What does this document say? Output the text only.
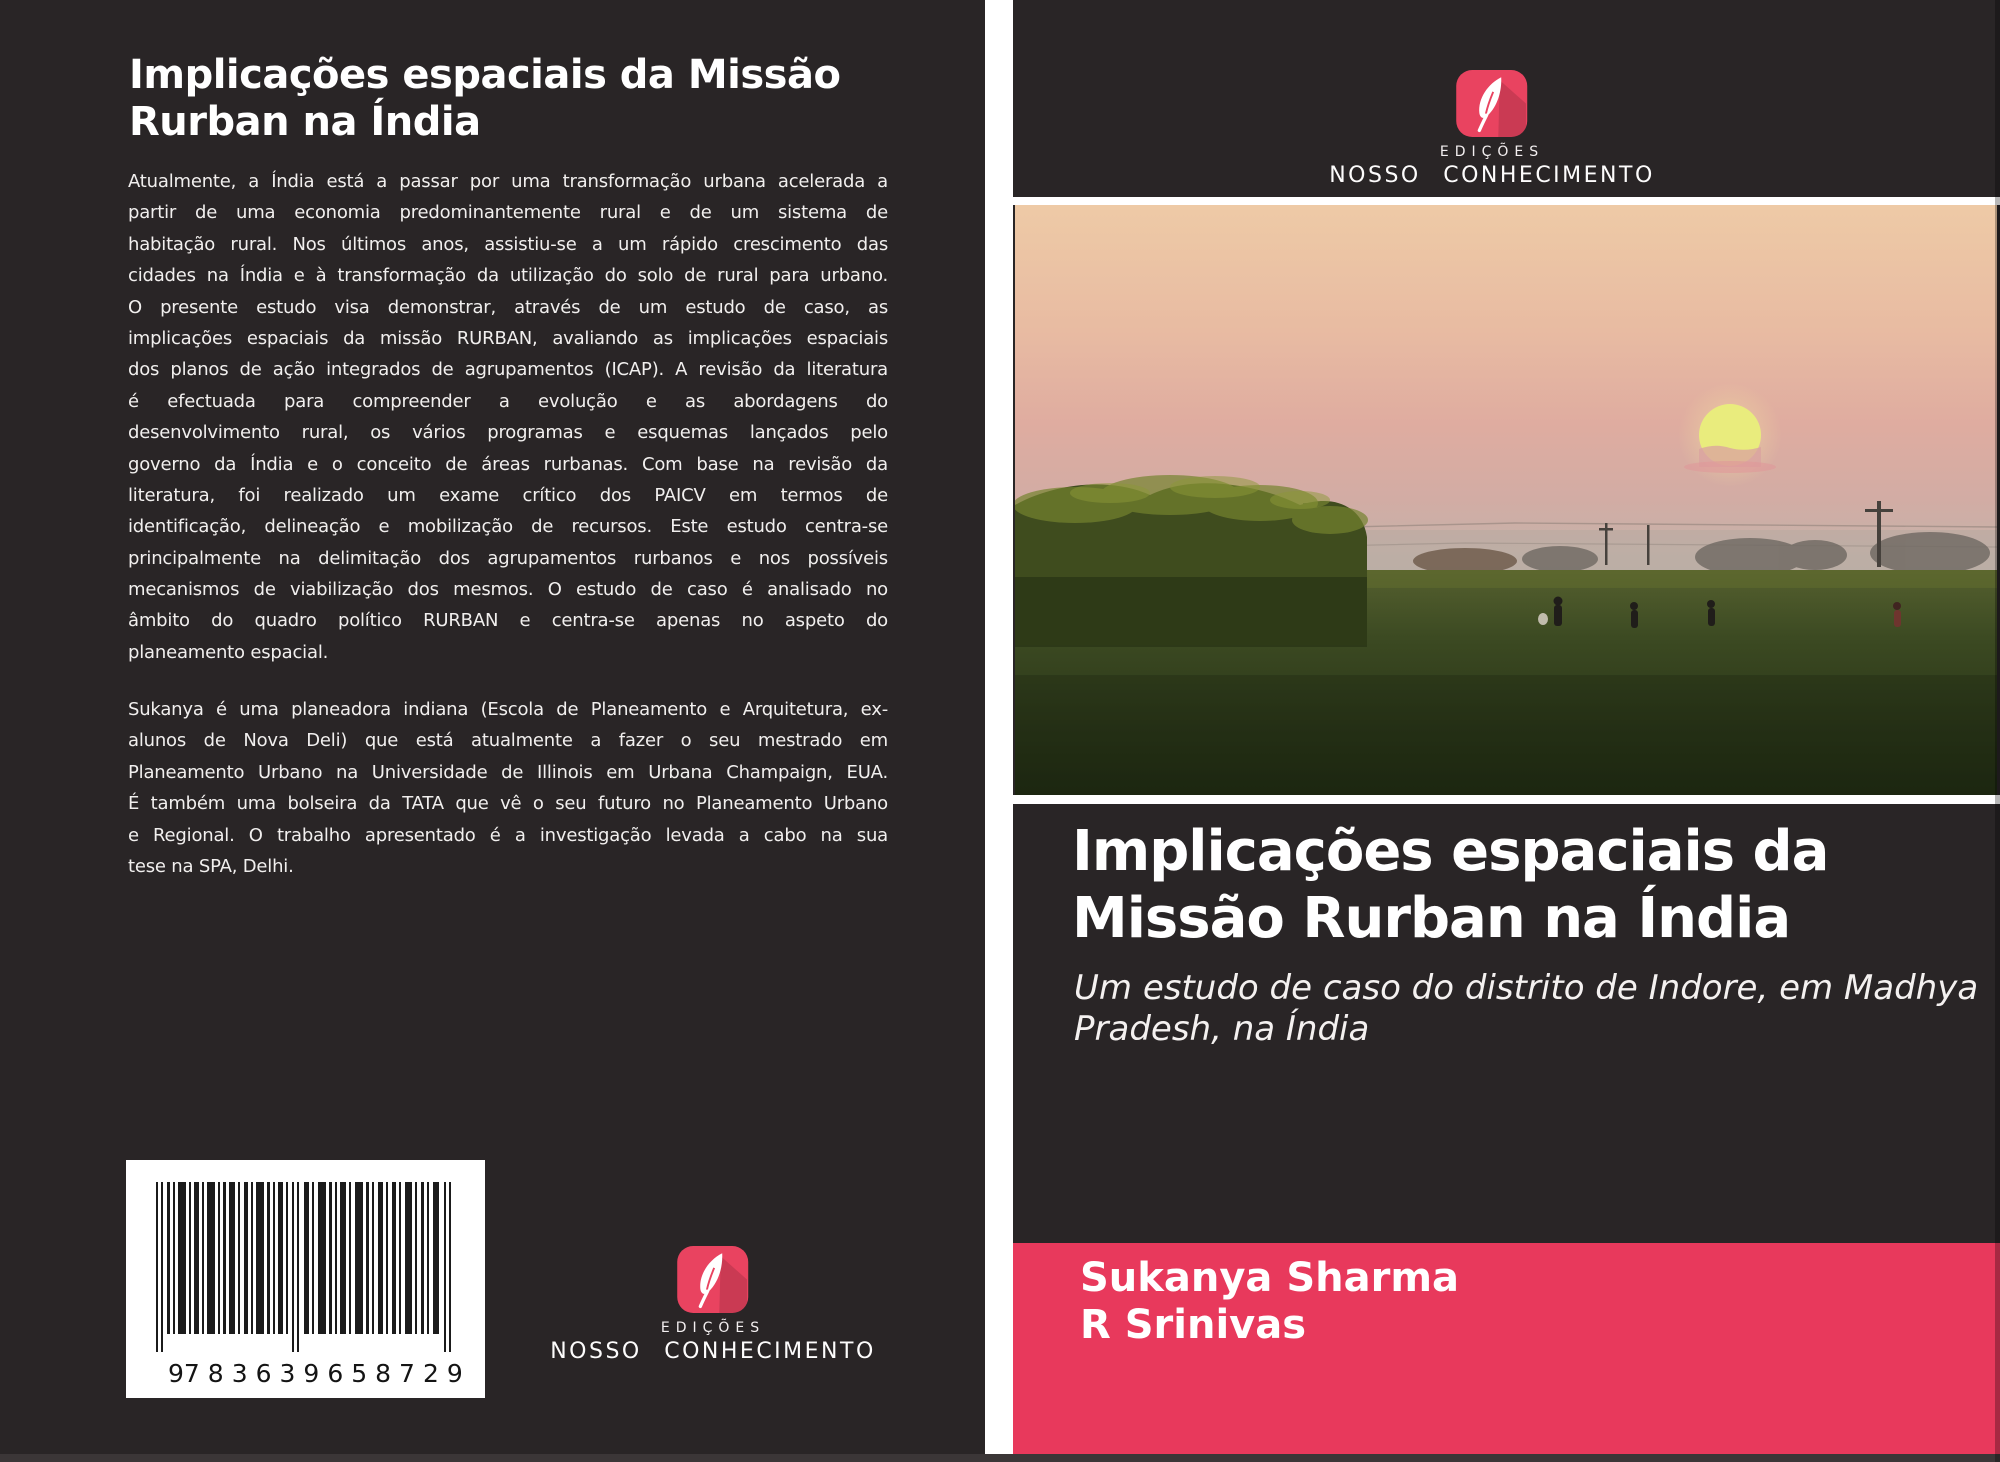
Implicações espaciais da Missão
Rurban na Índia
Atualmente, a Índia está a passar por uma transformação urbana acelerada a
partir de uma economia predominantemente rural e de um sistema de
habitação rural. Nos últimos anos, assistiu-se a um rápido crescimento das
cidades na Índia e à transformação da utilização do solo de rural para urbano.
O presente estudo visa demonstrar, através de um estudo de caso, as
implicações espaciais da missão RURBAN, avaliando as implicações espaciais
dos planos de ação integrados de agrupamentos (ICAP). A revisão da literatura
é efectuada para compreender a evolução e as abordagens do
desenvolvimento rural, os vários programas e esquemas lançados pelo
governo da Índia e o conceito de áreas rurbanas. Com base na revisão da
literatura, foi realizado um exame crítico dos PAICV em termos de
identificação, delineação e mobilização de recursos. Este estudo centra-se
principalmente na delimitação dos agrupamentos rurbanos e nos possíveis
mecanismos de viabilização dos mesmos. O estudo de caso é analisado no
âmbito do quadro político RURBAN e centra-se apenas no aspeto do
planeamento espacial.
Sukanya é uma planeadora indiana (Escola de Planeamento e Arquitetura, ex-
alunos de Nova Deli) que está atualmente a fazer o seu mestrado em
Planeamento Urbano na Universidade de Illinois em Urbana Champaign, EUA.
É também uma bolseira da TATA que vê o seu futuro no Planeamento Urbano
e Regional. O trabalho apresentado é a investigação levada a cabo na sua
tese na SPA, Delhi.
9 783639 658729
EDIÇÕES
NOSSO CONHECIMENTO
EDIÇÕES
NOSSO CONHECIMENTO
Implicações espaciais da
Missão Rurban na Índia
Um estudo de caso do distrito de Indore, em Madhya
Pradesh, na Índia
Sukanya Sharma
R Srinivas
